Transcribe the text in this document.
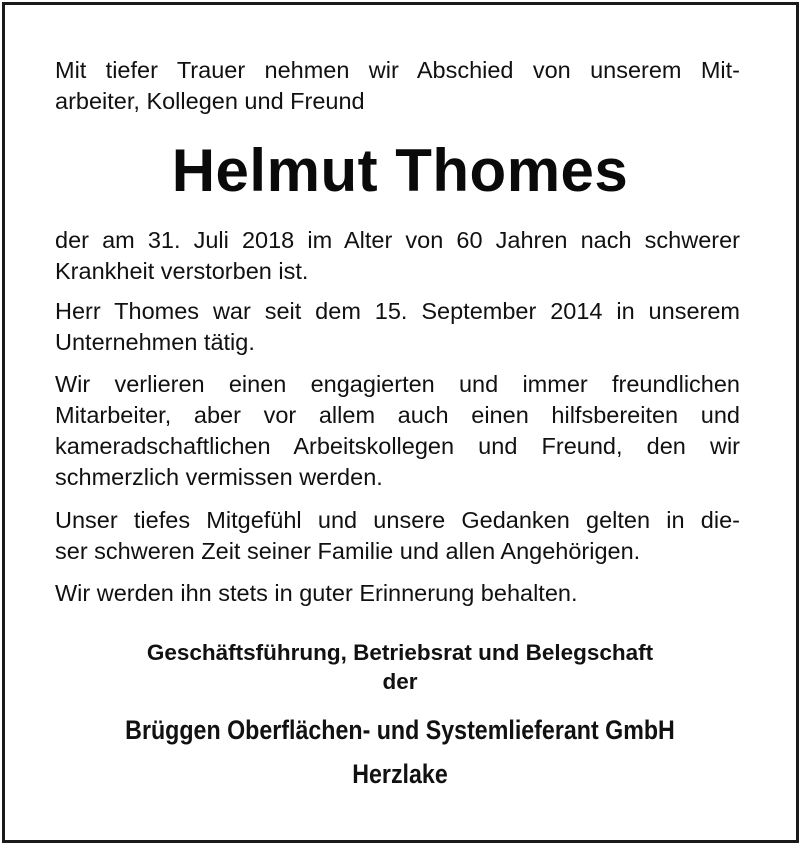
Mit tiefer Trauer nehmen wir Abschied von unserem Mit-
arbeiter, Kollegen und Freund

Helmut Thomes

der am 31. Juli 2018 im Alter von 60 Jahren nach schwerer
Krankheit verstorben ist.

Herr Thomes war seit dem 15. September 2014 in unserem
Unternehmen tätig.

Wir verlieren einen engagierten und immer freundlichen
Mitarbeiter, aber vor allem auch einen hilfsbereiten und
kameradschaftlichen Arbeitskollegen und Freund, den wir
schmerzlich vermissen werden.

Unser tiefes Mitgefühl und unsere Gedanken gelten in die-
ser schweren Zeit seiner Familie und allen Angehörigen.

Wir werden ihn stets in guter Erinnerung behalten.

Geschäftsführung, Betriebsrat und Belegschaft
der
Brüggen Oberflächen- und Systemlieferant GmbH
Herzlake
